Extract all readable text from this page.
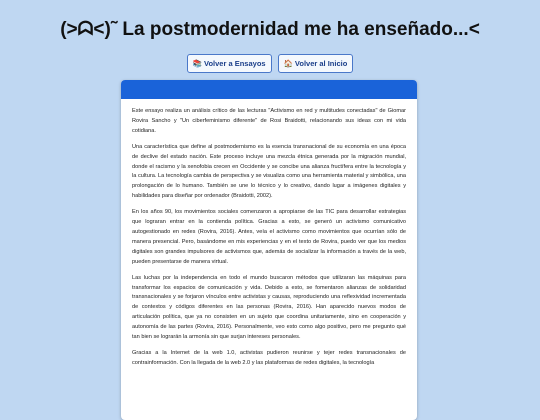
(>ᗣ<)˜ La postmodernidad me ha enseñado...<
📚 Volver a Ensayos 🏠 Volver al Inicio

Este ensayo realiza un análisis crítico de las lecturas "Activismo en red y multitudes conectadas" de Giomar Rovira Sancho y "Un ciberfeminismo diferente" de Rosi Braidotti, relacionando sus ideas con mi vida cotidiana.

Una característica que define al postmodernismo es la esencia transnacional de su economía en una época de declive del estado nación. Este proceso incluye una mezcla étnica generada por la migración mundial, donde el racismo y la xenofobia crecen en Occidente y se concibe una alianza fructífera entre la tecnología y la cultura. La tecnología cambia de perspectiva y se visualiza como una herramienta material y simbólica, una prolongación de lo humano. También se une lo técnico y lo creativo, dando lugar a imágenes digitales y habilidades para diseñar por ordenador (Braidotti, 2002).

En los años 90, los movimientos sociales comenzaron a apropiarse de las TIC para desarrollar estrategias que lograran entrar en la contienda política. Gracias a esto, se generó un activismo comunicativo autogestionado en redes (Rovira, 2016). Antes, veía el activismo como movimientos que ocurrían sólo de manera presencial. Pero, basándome en mis experiencias y en el texto de Rovira, puedo ver que los medios digitales son grandes impulsores de activismos que, además de socializar la información a través de la web, pueden presentarse de manera virtual.

Las luchas por la independencia en todo el mundo buscaron métodos que utilizaran las máquinas para transformar los espacios de comunicación y vida. Debido a esto, se fomentaron alianzas de solidaridad transnacionales y se forjaron vínculos entre activistas y causas, reproduciendo una reflexividad incrementada de contextos y códigos diferentes en las personas (Rovira, 2016). Han aparecido nuevos modos de articulación política, que ya no consisten en un sujeto que coordina unitariamente, sino en cooperación y autonomía de las partes (Rovira, 2016). Personalmente, veo esto como algo positivo, pero me pregunto qué tan bien se lograrán la armonía sin que surjan intereses personales.

Gracias a la Internet de la web 1.0, activistas pudieron reunirse y tejer redes transnacionales de contrainformación. Con la llegada de la web 2.0 y las plataformas de redes digitales, la tecnología
